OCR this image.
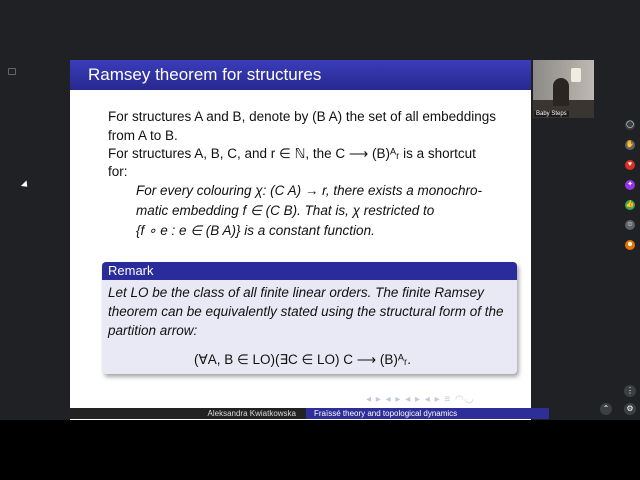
Ramsey theorem for structures
For structures A and B, denote by (B A) the set of all embeddings
from A to B.
For structures A, B, C, and r ∈ ℕ, the C ⟶ (B)ᴬᵣ is a shortcut
for:
For every colouring χ: (C A) → r, there exists a monochro-
matic embedding f ∈ (C B). That is, χ restricted to
{f ∘ e : e ∈ (B A)} is a constant function.
Remark
Let LO be the class of all finite linear orders. The finite Ramsey
theorem can be equivalently stated using the structural form of the
partition arrow:
(∀A, B ∈ LO)(∃C ∈ LO) C ⟶ (B)ᴬᵣ.
◂ ▸ ◂ ▸ ◂ ▸ ◂ ▸ ≡ ◠◡
Aleksandra Kwiatkowska	Fraïssé theory and topological dynamics
Baby Steps
◯
✋
♥
✦
👍
☺
☻
⌃
⋮
⚙
